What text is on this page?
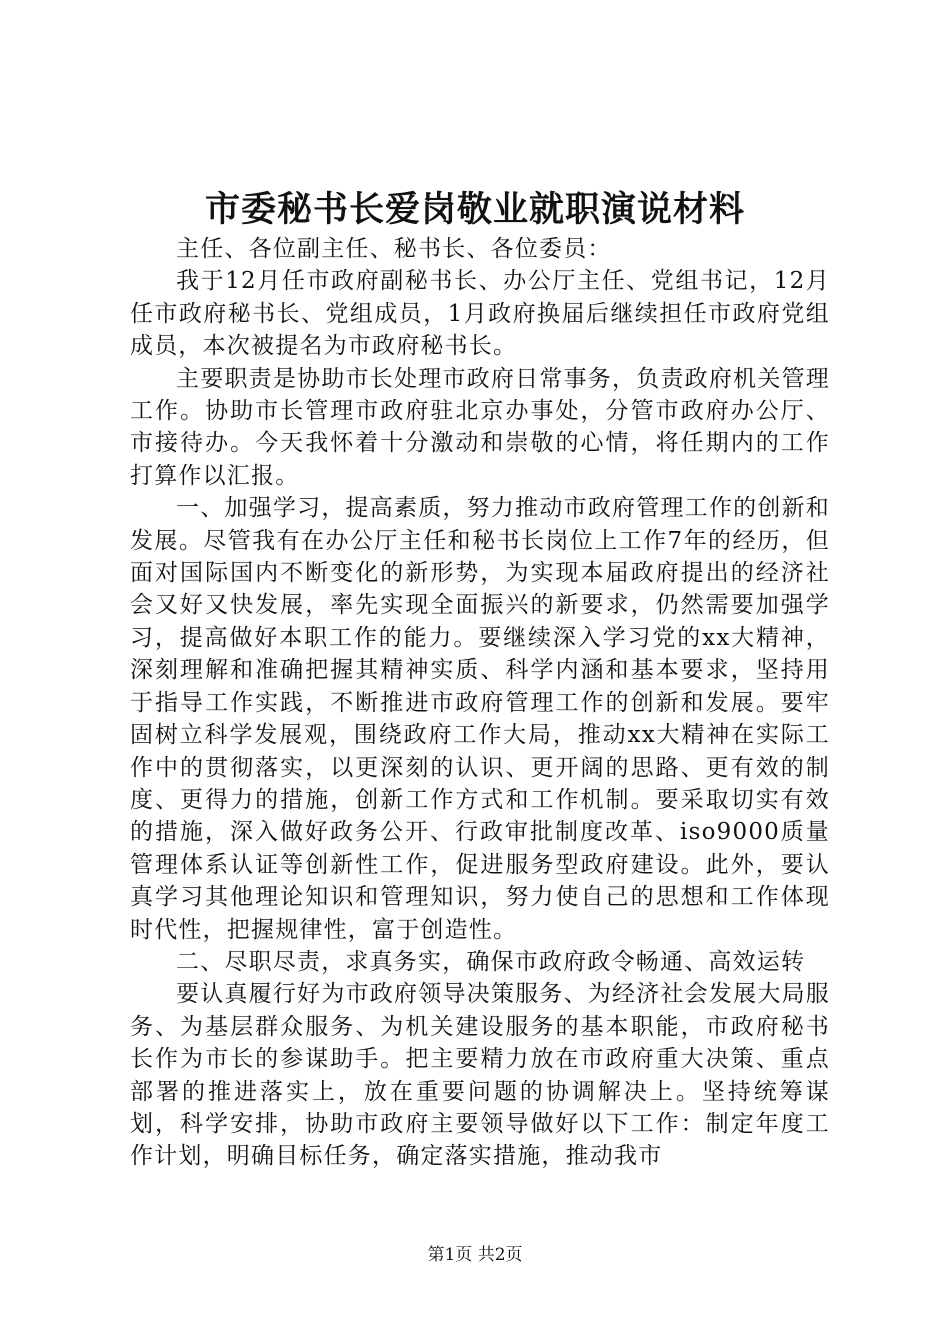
市委秘书长爱岗敬业就职演说材料

主任、各位副主任、秘书长、各位委员：

我于12月任市政府副秘书长、办公厅主任、党组书记，12月任市政府秘书长、党组成员，1月政府换届后继续担任市政府党组成员，本次被提名为市政府秘书长。

主要职责是协助市长处理市政府日常事务，负责政府机关管理工作。协助市长管理市政府驻北京办事处，分管市政府办公厅、市接待办。今天我怀着十分激动和崇敬的心情，将任期内的工作打算作以汇报。

一、加强学习，提高素质，努力推动市政府管理工作的创新和发展。尽管我有在办公厅主任和秘书长岗位上工作7年的经历，但面对国际国内不断变化的新形势，为实现本届政府提出的经济社会又好又快发展，率先实现全面振兴的新要求，仍然需要加强学习，提高做好本职工作的能力。要继续深入学习党的xx大精神，深刻理解和准确把握其精神实质、科学内涵和基本要求，坚持用于指导工作实践，不断推进市政府管理工作的创新和发展。要牢固树立科学发展观，围绕政府工作大局，推动xx大精神在实际工作中的贯彻落实，以更深刻的认识、更开阔的思路、更有效的制度、更得力的措施，创新工作方式和工作机制。要采取切实有效的措施，深入做好政务公开、行政审批制度改革、iso9000质量管理体系认证等创新性工作，促进服务型政府建设。此外，要认真学习其他理论知识和管理知识，努力使自己的思想和工作体现时代性，把握规律性，富于创造性。

二、尽职尽责，求真务实，确保市政府政令畅通、高效运转

要认真履行好为市政府领导决策服务、为经济社会发展大局服务、为基层群众服务、为机关建设服务的基本职能，市政府秘书长作为市长的参谋助手。把主要精力放在市政府重大决策、重点部署的推进落实上，放在重要问题的协调解决上。坚持统筹谋划，科学安排，协助市政府主要领导做好以下工作：制定年度工作计划，明确目标任务，确定落实措施，推动我市

第1页 共2页
